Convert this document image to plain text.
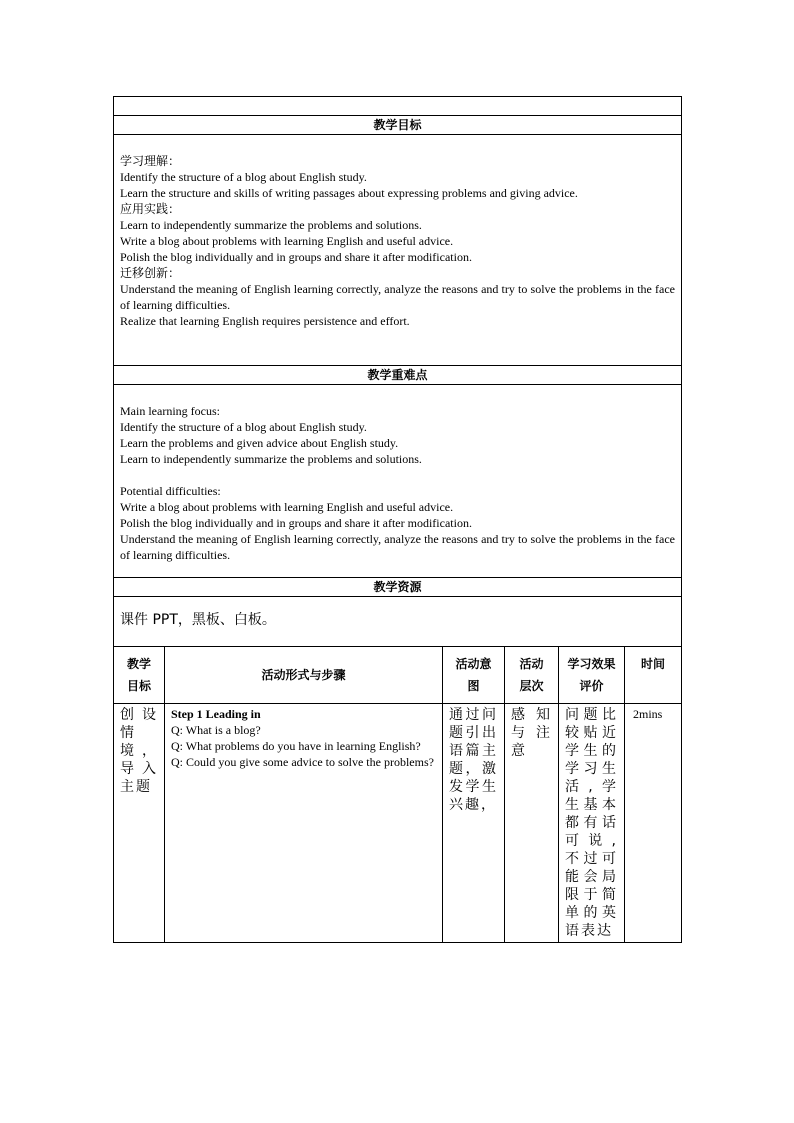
教学目标

学习理解：

Identify the structure of a blog about English study.

Learn the structure and skills of writing passages about expressing problems and giving advice.

应用实践：

Learn to independently summarize the problems and solutions.

Write a blog about problems with learning English and useful advice.

Polish the blog individually and in groups and share it after modification.

迁移创新：

Understand the meaning of English learning correctly, analyze the reasons and try to solve the problems in the face of learning difficulties.

Realize that learning English requires persistence and effort.

教学重难点

Main learning focus:

Identify the structure of a blog about English study.

Learn the problems and given advice about English study.

Learn to independently summarize the problems and solutions.

Potential difficulties:

Write a blog about problems with learning English and useful advice.

Polish the blog individually and in groups and share it after modification.

Understand the meaning of English learning correctly, analyze the reasons and try to solve the problems in the face of learning difficulties.

教学资源
课件 PPT，黑板、白板。
教学目标	活动形式与步骤	活动意图	活动层次	学习效果评价	时间
创设情境，导入主题	Step 1 Leading in
Q: What is a blog?
Q: What problems do you have in learning English?
Q: Could you give some advice to solve the problems?	通过问题引出语篇主题，激发学生兴趣，	感知与注意	问题比较贴近学生的学习生活,学生基本都有话可说,不过可能会局限于简单的英语表达	2mins
